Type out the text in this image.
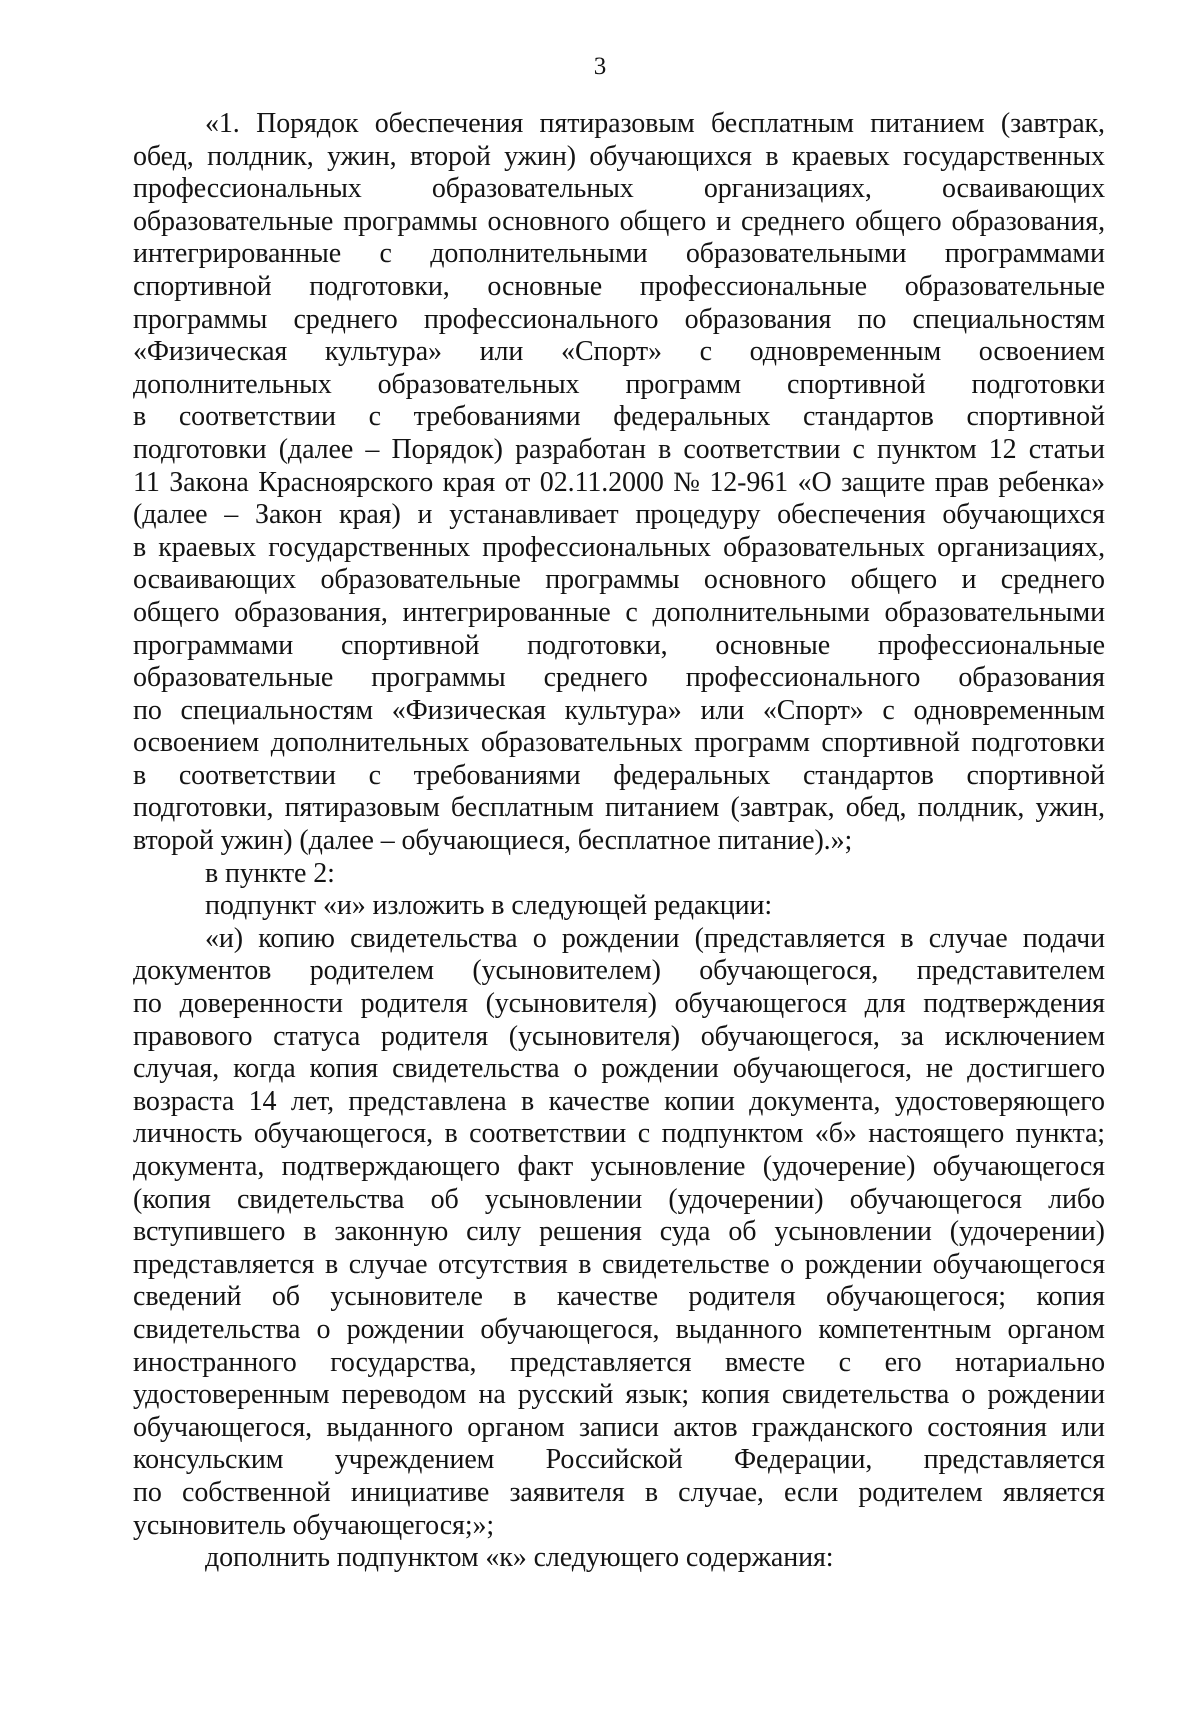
3
«1. Порядок обеспечения пятиразовым бесплатным питанием (завтрак,
обед, полдник, ужин, второй ужин) обучающихся в краевых государственных
профессиональных	образовательных	организациях,	осваивающих
образовательные программы основного общего и среднего общего образования,
интегрированные с дополнительными образовательными программами
спортивной подготовки, основные профессиональные образовательные
программы среднего профессионального образования по специальностям
«Физическая культура» или «Спорт» с одновременным освоением
дополнительных образовательных программ спортивной подготовки
в соответствии с требованиями федеральных стандартов спортивной
подготовки (далее – Порядок) разработан в соответствии с пунктом 12 статьи
11 Закона Красноярского края от 02.11.2000 № 12-961 «О защите прав ребенка»
(далее – Закон края) и устанавливает процедуру обеспечения обучающихся
в краевых государственных профессиональных образовательных организациях,
осваивающих образовательные программы основного общего и среднего
общего образования, интегрированные с дополнительными образовательными
программами спортивной подготовки, основные профессиональные
образовательные программы среднего профессионального образования
по специальностям «Физическая культура» или «Спорт» с одновременным
освоением дополнительных образовательных программ спортивной подготовки
в соответствии с требованиями федеральных стандартов спортивной
подготовки, пятиразовым бесплатным питанием (завтрак, обед, полдник, ужин,
второй ужин) (далее – обучающиеся, бесплатное питание).»;
в пункте 2:
подпункт «и» изложить в следующей редакции:
«и) копию свидетельства о рождении (представляется в случае подачи
документов родителем (усыновителем) обучающегося, представителем
по доверенности родителя (усыновителя) обучающегося для подтверждения
правового статуса родителя (усыновителя) обучающегося, за исключением
случая, когда копия свидетельства о рождении обучающегося, не достигшего
возраста 14 лет, представлена в качестве копии документа, удостоверяющего
личность обучающегося, в соответствии с подпунктом «б» настоящего пункта;
документа, подтверждающего факт усыновление (удочерение) обучающегося
(копия свидетельства об усыновлении (удочерении) обучающегося либо
вступившего в законную силу решения суда об усыновлении (удочерении)
представляется в случае отсутствия в свидетельстве о рождении обучающегося
сведений об усыновителе в качестве родителя обучающегося; копия
свидетельства о рождении обучающегося, выданного компетентным органом
иностранного государства, представляется вместе с его нотариально
удостоверенным переводом на русский язык; копия свидетельства о рождении
обучающегося, выданного органом записи актов гражданского состояния или
консульским учреждением Российской Федерации, представляется
по собственной инициативе заявителя в случае, если родителем является
усыновитель обучающегося;»;
дополнить подпунктом «к» следующего содержания:
